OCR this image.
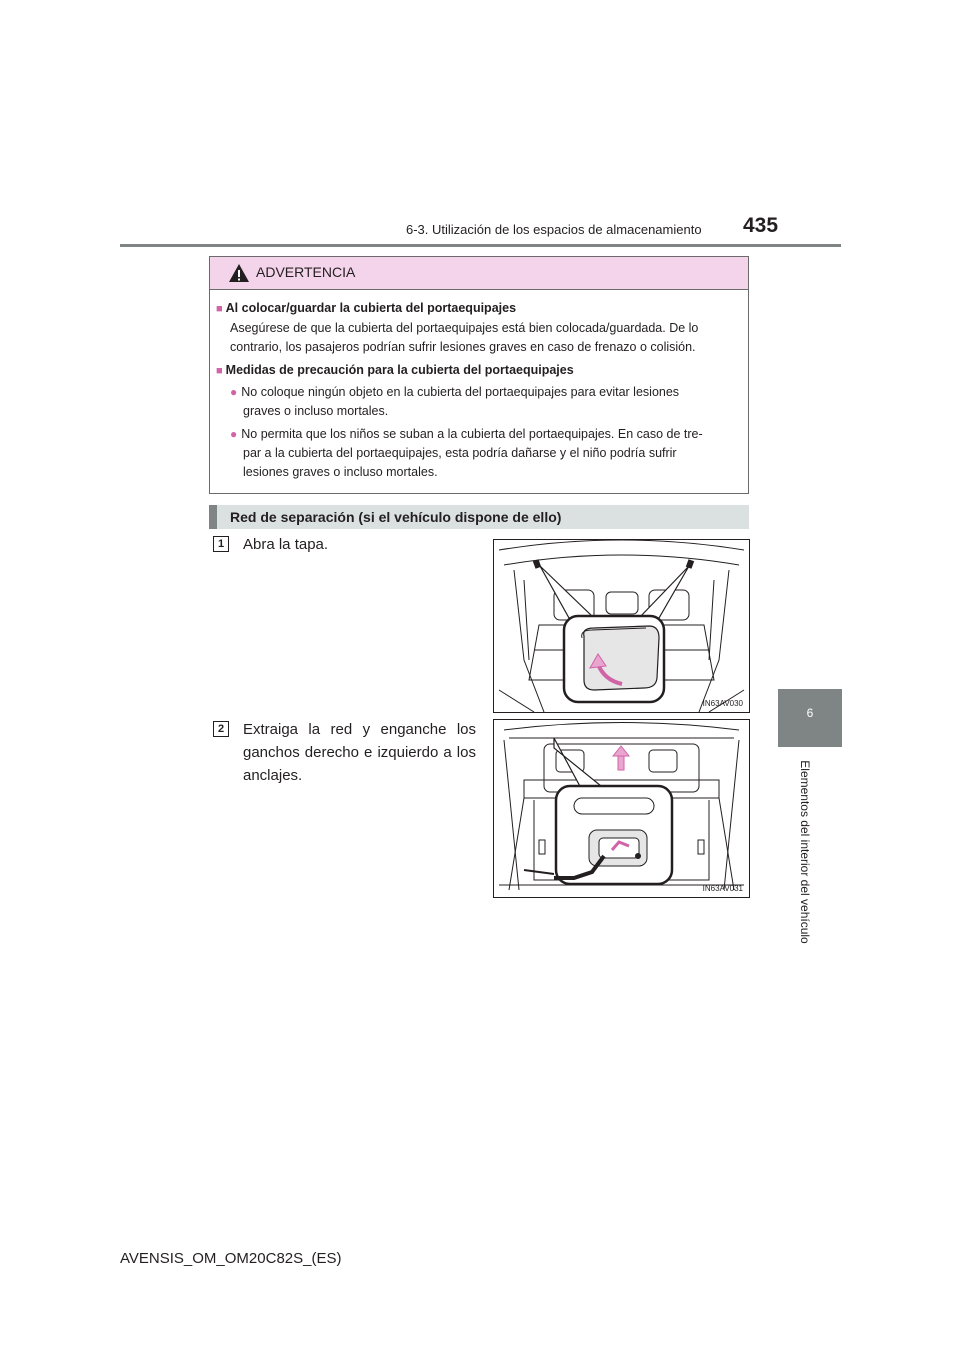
6-3. Utilización de los espacios de almacenamiento 435
6
Elementos del interior del vehículo
ADVERTENCIA
■ Al colocar/guardar la cubierta del portaequipajes
Asegúrese de que la cubierta del portaequipajes está bien colocada/guardada. De lo
contrario, los pasajeros podrían sufrir lesiones graves en caso de frenazo o colisión.
■ Medidas de precaución para la cubierta del portaequipajes
● No coloque ningún objeto en la cubierta del portaequipajes para evitar lesiones
graves o incluso mortales.
● No permita que los niños se suban a la cubierta del portaequipajes. En caso de tre-
par a la cubierta del portaequipajes, esta podría dañarse y el niño podría sufrir
lesiones graves o incluso mortales.
Red de separación (si el vehículo dispone de ello)
1	Abra la tapa.
IN63AV030
2	Extraiga la red y enganche los
ganchos derecho e izquierdo a los
anclajes.
IN63AV031
AVENSIS_OM_OM20C82S_(ES)
